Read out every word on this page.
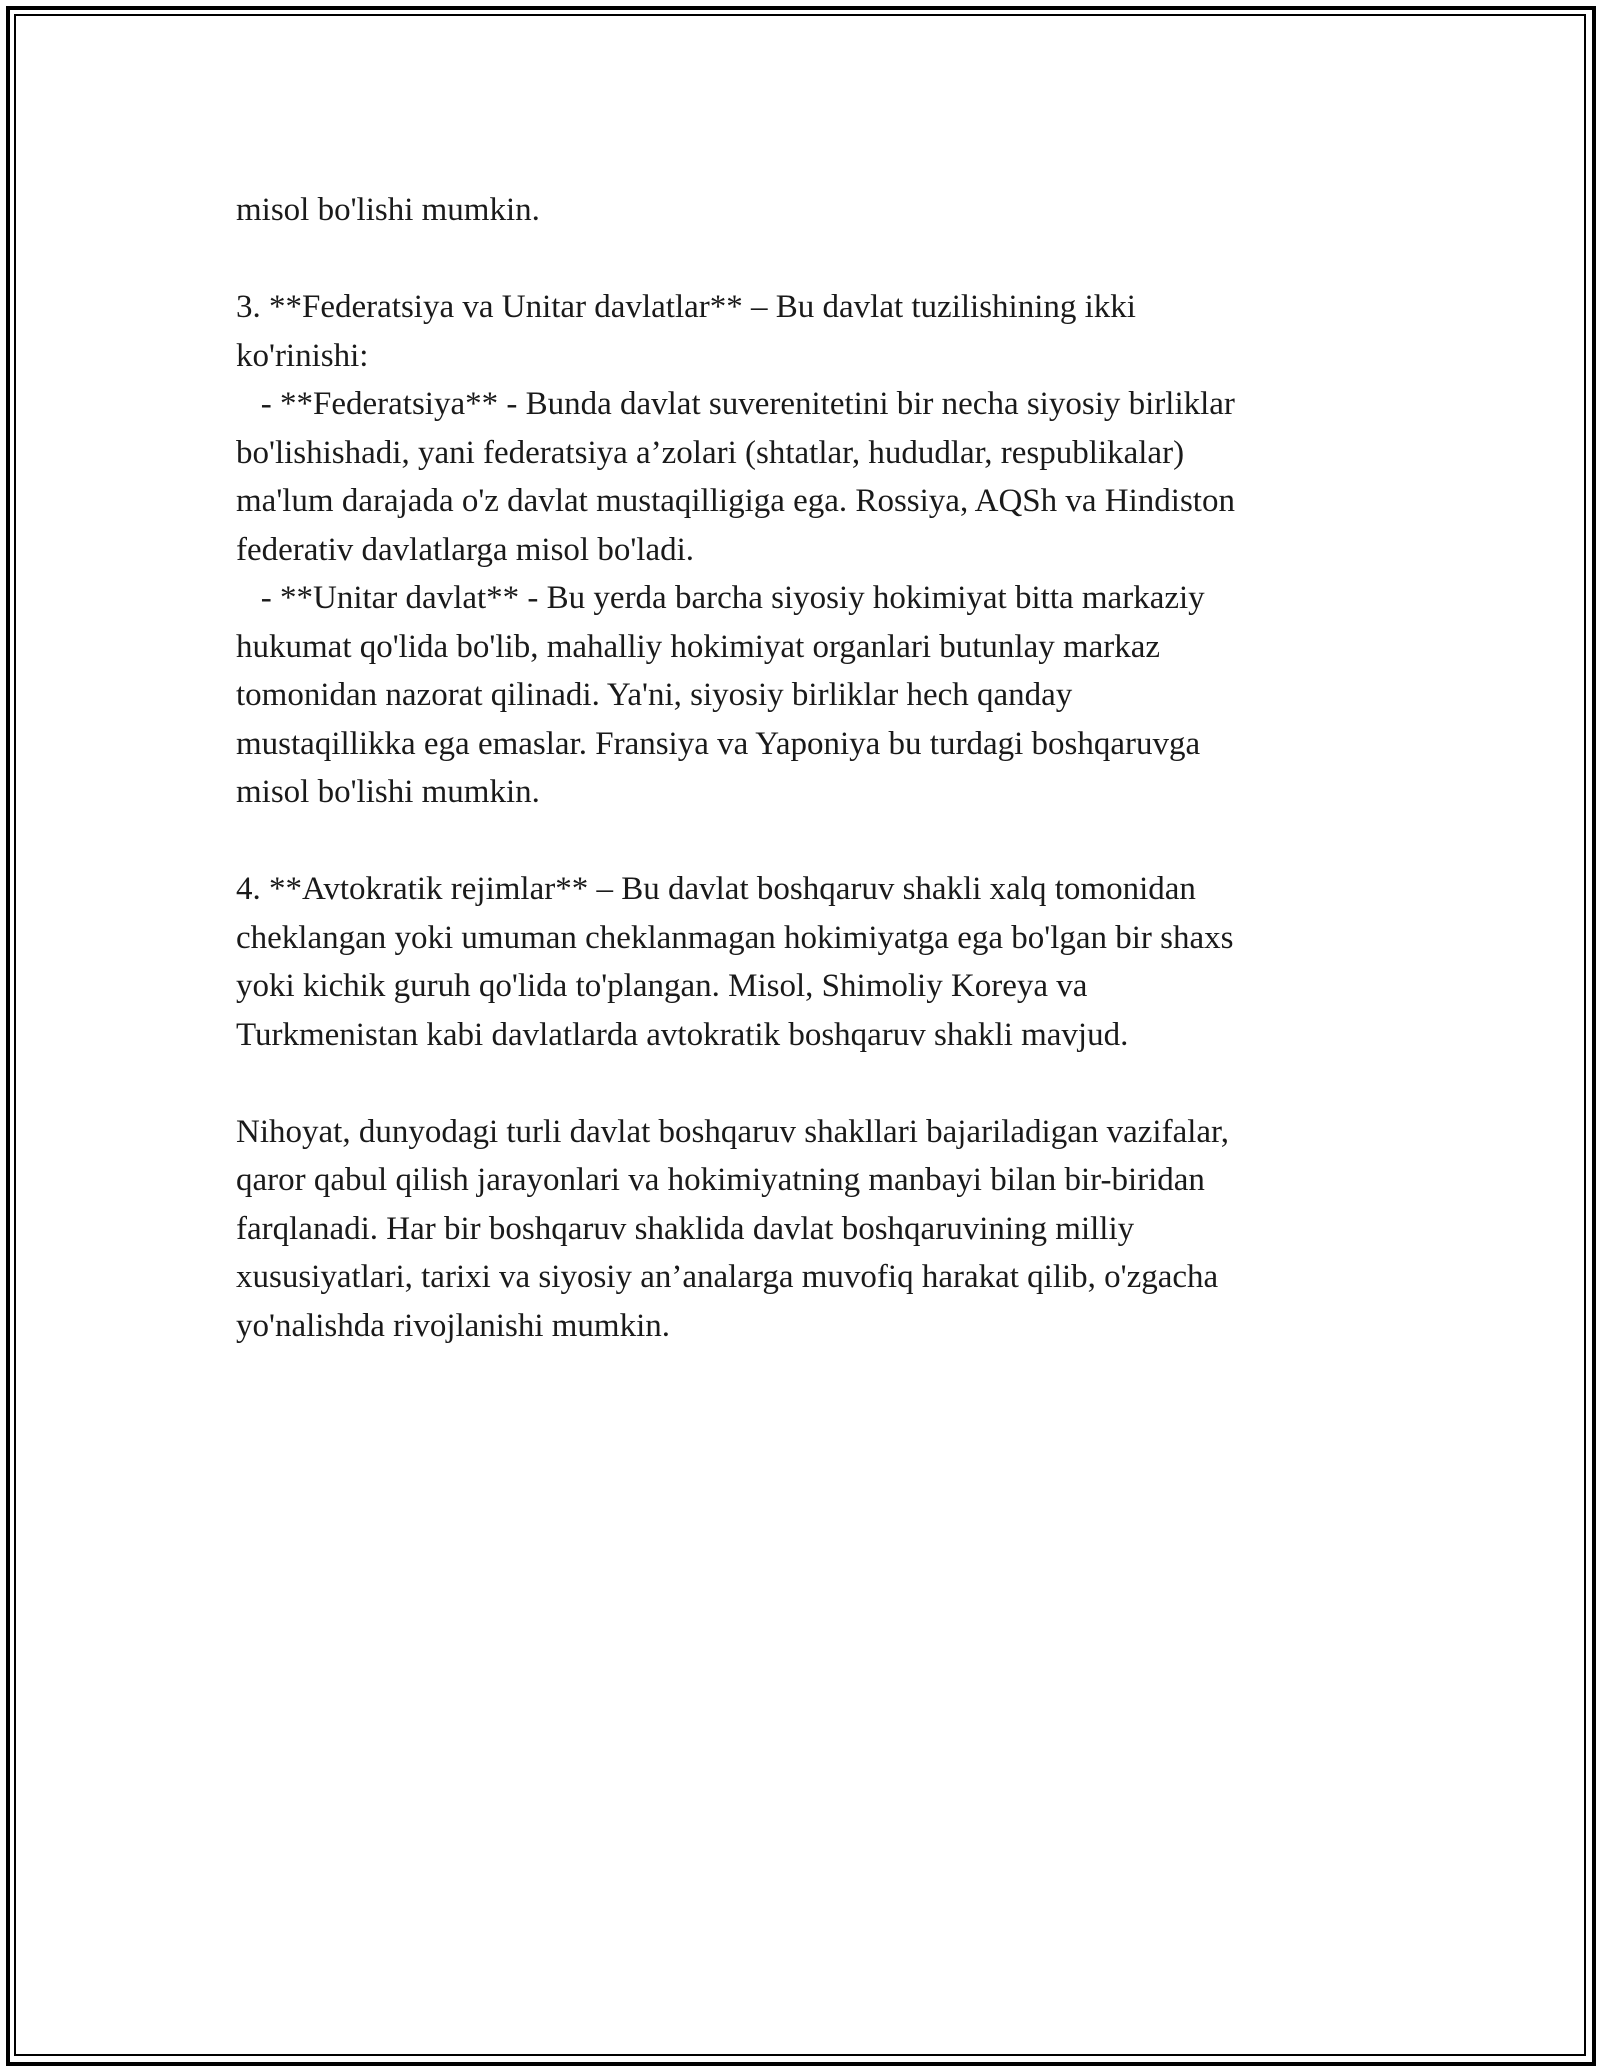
misol bo'lishi mumkin.
3. **Federatsiya va Unitar davlatlar** – Bu davlat tuzilishining ikki
ko'rinishi:
- **Federatsiya** - Bunda davlat suverenitetini bir necha siyosiy birliklar
bo'lishishadi, yani federatsiya a’zolari (shtatlar, hududlar, respublikalar)
ma'lum darajada o'z davlat mustaqilligiga ega. Rossiya, AQSh va Hindiston
federativ davlatlarga misol bo'ladi.
- **Unitar davlat** - Bu yerda barcha siyosiy hokimiyat bitta markaziy
hukumat qo'lida bo'lib, mahalliy hokimiyat organlari butunlay markaz
tomonidan nazorat qilinadi. Ya'ni, siyosiy birliklar hech qanday
mustaqillikka ega emaslar. Fransiya va Yaponiya bu turdagi boshqaruvga
misol bo'lishi mumkin.
4. **Avtokratik rejimlar** – Bu davlat boshqaruv shakli xalq tomonidan
cheklangan yoki umuman cheklanmagan hokimiyatga ega bo'lgan bir shaxs
yoki kichik guruh qo'lida to'plangan. Misol, Shimoliy Koreya va
Turkmenistan kabi davlatlarda avtokratik boshqaruv shakli mavjud.
Nihoyat, dunyodagi turli davlat boshqaruv shakllari bajariladigan vazifalar,
qaror qabul qilish jarayonlari va hokimiyatning manbayi bilan bir-biridan
farqlanadi. Har bir boshqaruv shaklida davlat boshqaruvining milliy
xususiyatlari, tarixi va siyosiy an’analarga muvofiq harakat qilib, o'zgacha
yo'nalishda rivojlanishi mumkin.
